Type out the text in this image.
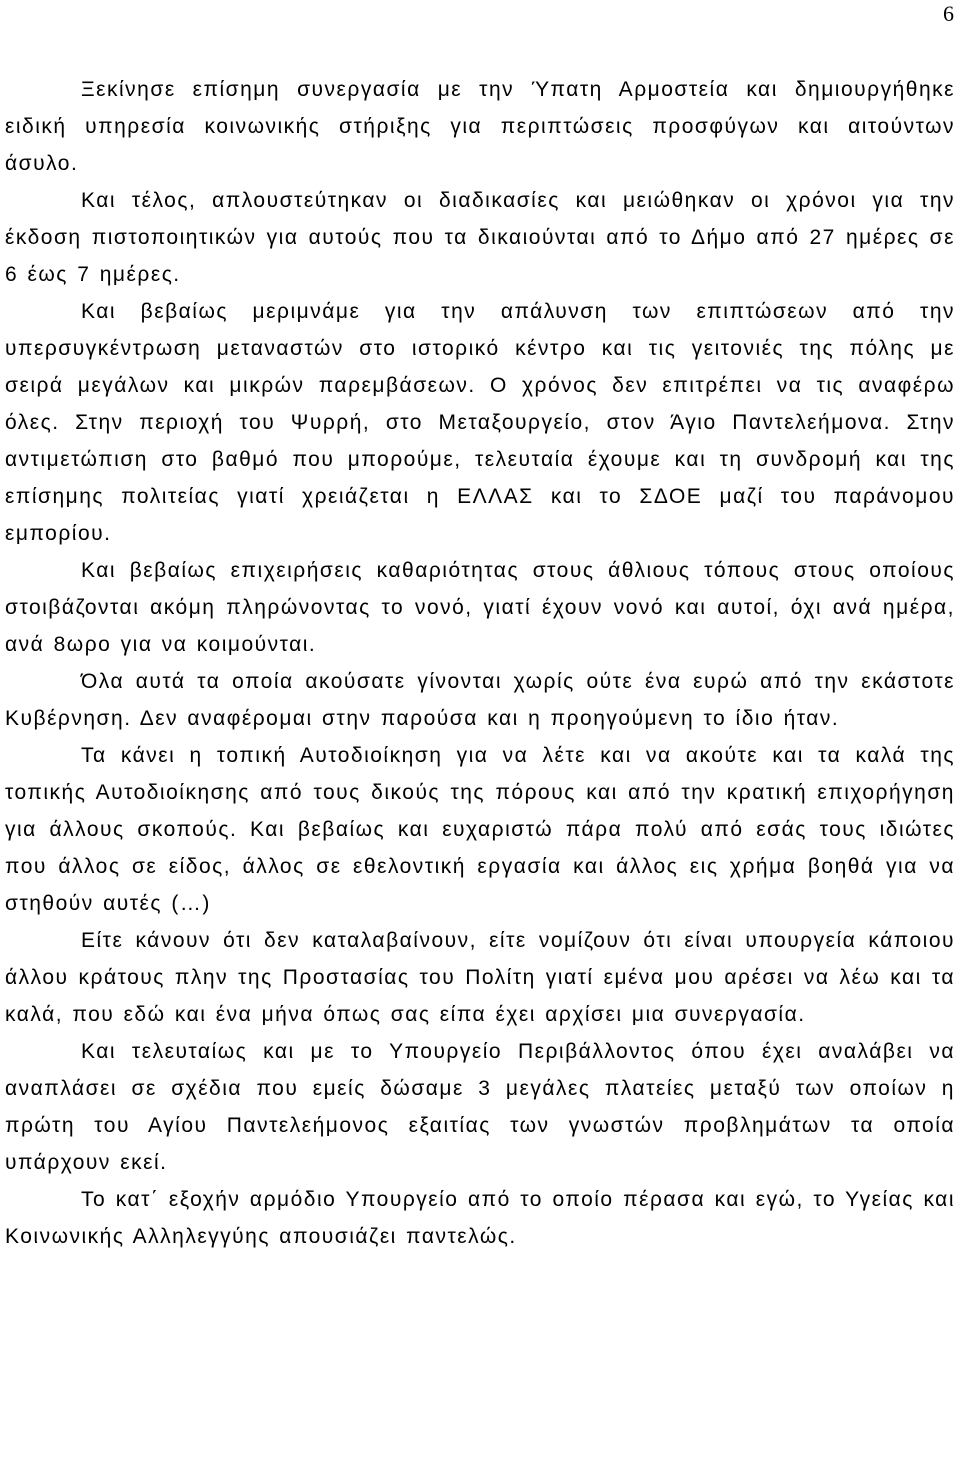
6

Ξεκίνησε επίσημη συνεργασία με την Ύπατη Αρμοστεία και δημιουργήθηκε ειδική υπηρεσία κοινωνικής στήριξης για περιπτώσεις προσφύγων και αιτούντων άσυλο.

Και τέλος, απλουστεύτηκαν οι διαδικασίες και μειώθηκαν οι χρόνοι για την έκδοση πιστοποιητικών για αυτούς που τα δικαιούνται από το Δήμο από 27 ημέρες σε 6 έως 7 ημέρες.

Και βεβαίως μεριμνάμε για την απάλυνση των επιπτώσεων από την υπερσυγκέντρωση μεταναστών στο ιστορικό κέντρο και τις γειτονιές της πόλης με σειρά μεγάλων και μικρών παρεμβάσεων. Ο χρόνος δεν επιτρέπει να τις αναφέρω όλες. Στην περιοχή του Ψυρρή, στο Μεταξουργείο, στον Άγιο Παντελεήμονα. Στην αντιμετώπιση στο βαθμό που μπορούμε, τελευταία έχουμε και τη συνδρομή και της επίσημης πολιτείας γιατί χρειάζεται η ΕΛΛΑΣ και το ΣΔΟΕ μαζί του παράνομου εμπορίου.

Και βεβαίως επιχειρήσεις καθαριότητας στους άθλιους τόπους στους οποίους στοιβάζονται ακόμη πληρώνοντας το νονό, γιατί έχουν νονό και αυτοί, όχι ανά ημέρα, ανά 8ωρο για να κοιμούνται.

Όλα αυτά τα οποία ακούσατε γίνονται χωρίς ούτε ένα ευρώ από την εκάστοτε Κυβέρνηση. Δεν αναφέρομαι στην παρούσα και η προηγούμενη το ίδιο ήταν.

Τα κάνει η τοπική Αυτοδιοίκηση για να λέτε και να ακούτε και τα καλά της τοπικής Αυτοδιοίκησης από τους δικούς της πόρους και από την κρατική επιχορήγηση για άλλους σκοπούς. Και βεβαίως και ευχαριστώ πάρα πολύ από εσάς τους ιδιώτες που άλλος σε είδος, άλλος σε εθελοντική εργασία και άλλος εις χρήμα βοηθά για να στηθούν αυτές (…)

Είτε κάνουν ότι δεν καταλαβαίνουν, είτε νομίζουν ότι είναι υπουργεία κάποιου άλλου κράτους πλην της Προστασίας του Πολίτη γιατί εμένα μου αρέσει να λέω και τα καλά, που εδώ και ένα μήνα όπως σας είπα έχει αρχίσει μια συνεργασία.

Και τελευταίως και με το Υπουργείο Περιβάλλοντος όπου έχει αναλάβει να αναπλάσει σε σχέδια που εμείς δώσαμε 3 μεγάλες πλατείες μεταξύ των οποίων η πρώτη του Αγίου Παντελεήμονος εξαιτίας των γνωστών προβλημάτων τα οποία υπάρχουν εκεί.

Το κατ΄ εξοχήν αρμόδιο Υπουργείο από το οποίο πέρασα και εγώ, το Υγείας και Κοινωνικής Αλληλεγγύης απουσιάζει παντελώς.
